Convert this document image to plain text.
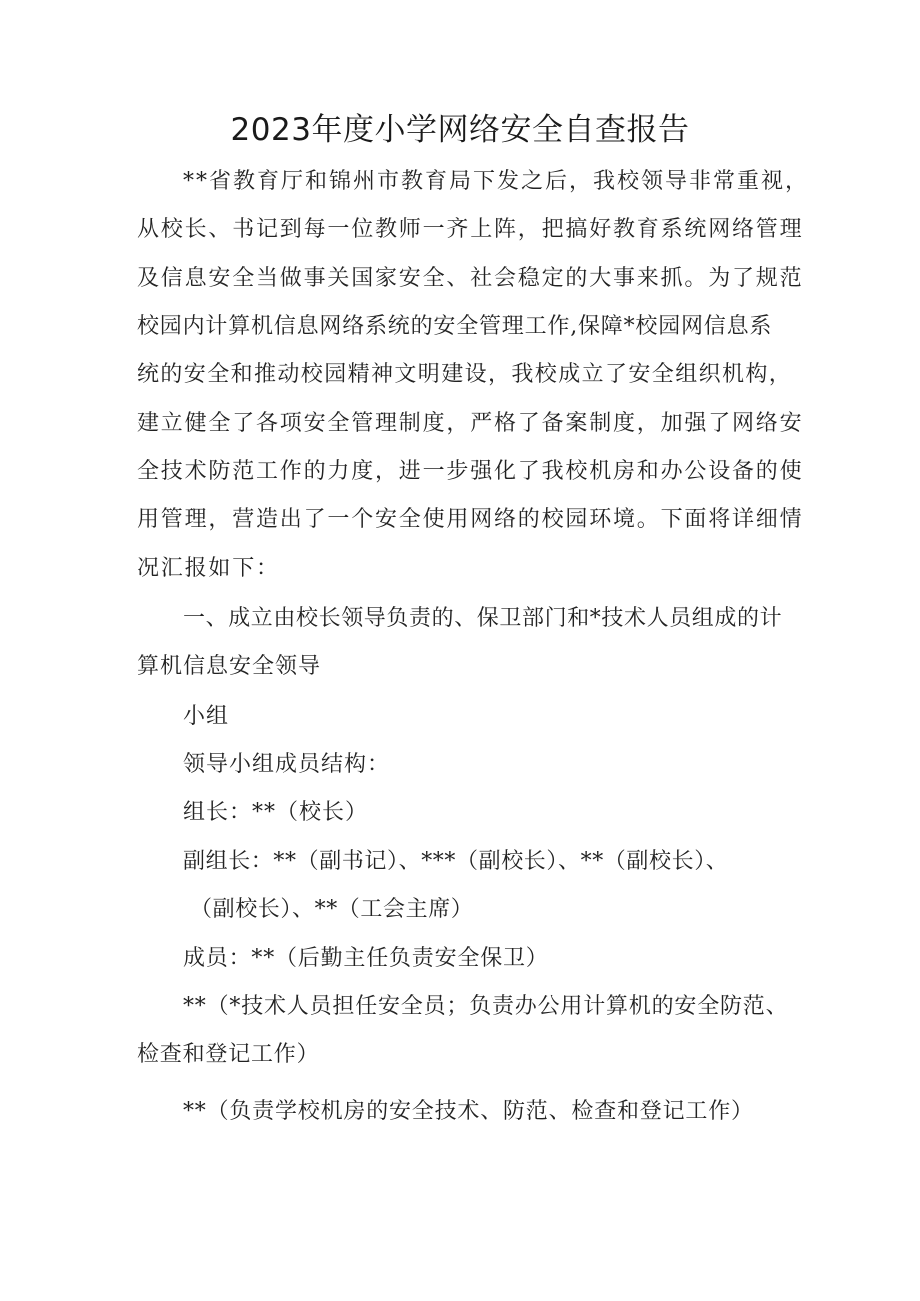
2023年度小学网络安全自查报告
**省教育厅和锦州市教育局下发之后，我校领导非常重视，
从校长、书记到每一位教师一齐上阵，把搞好教育系统网络管理
及信息安全当做事关国家安全、社会稳定的大事来抓。为了规范
校园内计算机信息网络系统的安全管理工作,保障*校园网信息系
统的安全和推动校园精神文明建设，我校成立了安全组织机构，
建立健全了各项安全管理制度，严格了备案制度，加强了网络安
全技术防范工作的力度，进一步强化了我校机房和办公设备的使
用管理，营造出了一个安全使用网络的校园环境。下面将详细情
况汇报如下：
一、成立由校长领导负责的、保卫部门和*技术人员组成的计
算机信息安全领导
小组
领导小组成员结构：
组长：**（校长）
副组长：**（副书记）、***（副校长）、**（副校长）、
（副校长）、**（工会主席）
成员：**（后勤主任负责安全保卫）
**（*技术人员担任安全员；负责办公用计算机的安全防范、
检查和登记工作）
**（负责学校机房的安全技术、防范、检查和登记工作）
